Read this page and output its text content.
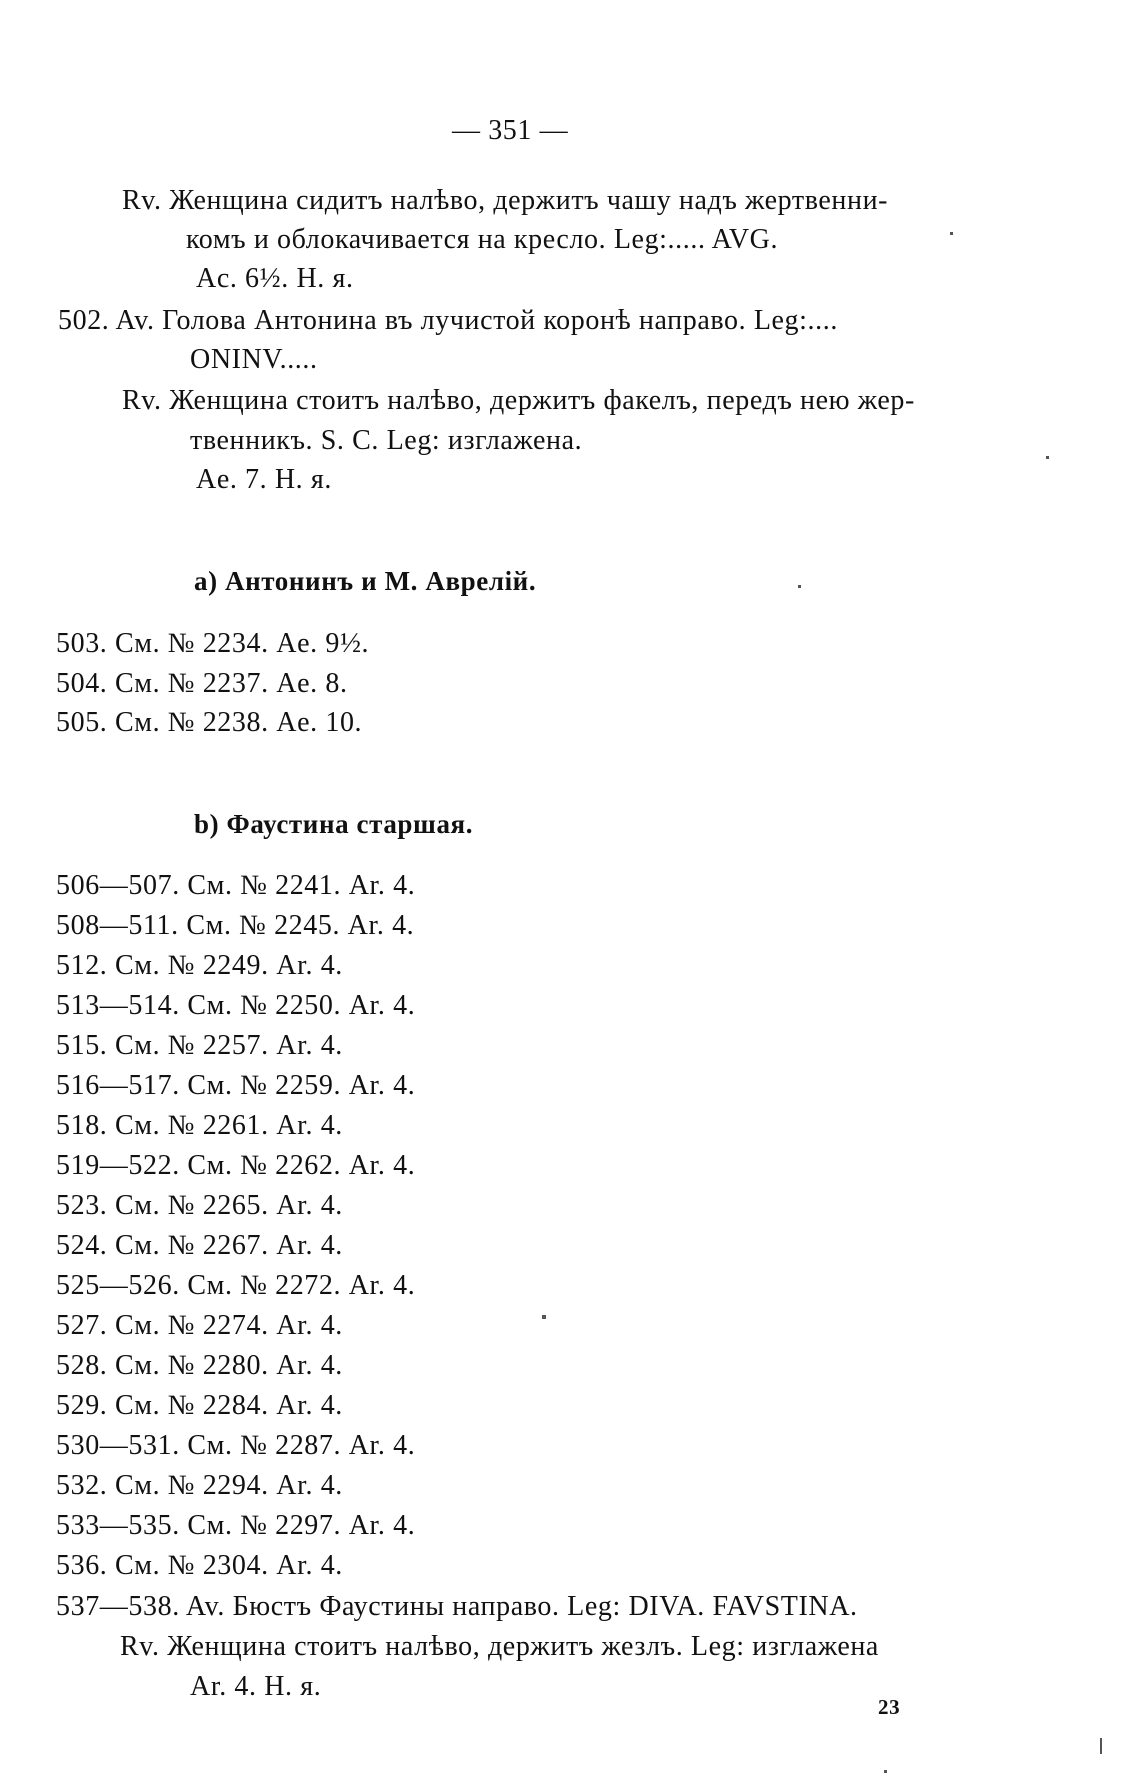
— 351 —
Rv. Женщина сидитъ налѣво, держитъ чашу надъ жертвенни-
комъ и облокачивается на кресло. Leg:..... AVG.
Ac. 6½. H. я.
502. Av. Голова Антонина въ лучистой коронѣ направо. Leg:....
ONINV.....
Rv. Женщина стоитъ налѣво, держитъ факелъ, передъ нею жер-
твенникъ. S. C. Leg: изглажена.
Ae. 7. H. я.
a) Антонинъ и М. Аврелій.
503. См. № 2234. Ae. 9½.
504. См. № 2237. Ae. 8.
505. См. № 2238. Ae. 10.
b) Фаустина старшая.
506—507. См. № 2241. Ar. 4.
508—511. См. № 2245. Ar. 4.
512. См. № 2249. Ar. 4.
513—514. См. № 2250. Ar. 4.
515. См. № 2257. Ar. 4.
516—517. См. № 2259. Ar. 4.
518. См. № 2261. Ar. 4.
519—522. См. № 2262. Ar. 4.
523. См. № 2265. Ar. 4.
524. См. № 2267. Ar. 4.
525—526. См. № 2272. Ar. 4.
527. См. № 2274. Ar. 4.
528. См. № 2280. Ar. 4.
529. См. № 2284. Ar. 4.
530—531. См. № 2287. Ar. 4.
532. См. № 2294. Ar. 4.
533—535. См. № 2297. Ar. 4.
536. См. № 2304. Ar. 4.
537—538. Av. Бюстъ Фаустины направо. Leg: DIVA. FAVSTINA.
Rv. Женщина стоитъ налѣво, держитъ жезлъ. Leg: изглажена
Ar. 4. H. я.
23
